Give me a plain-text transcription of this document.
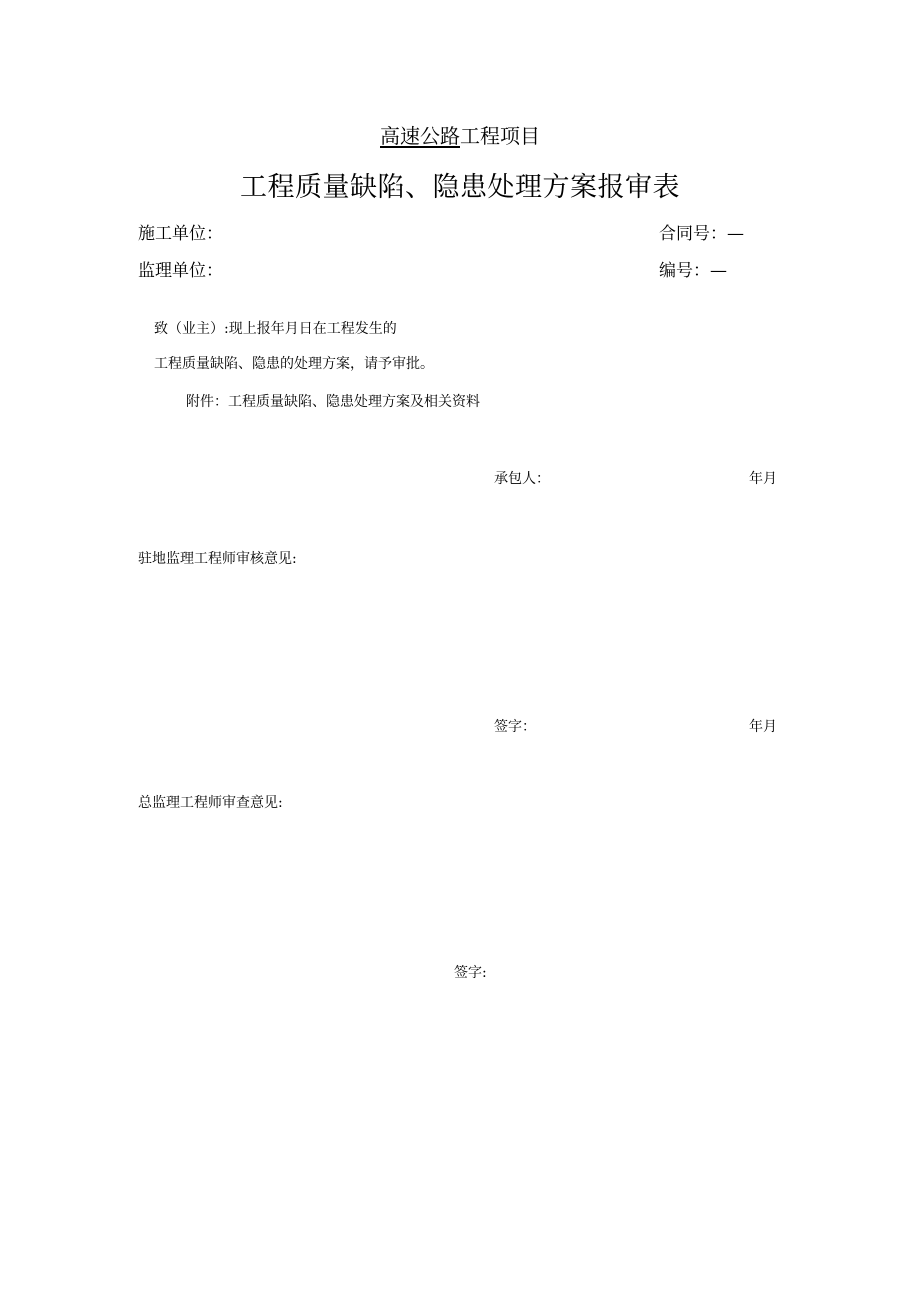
高速公路工程项目
工程质量缺陷、隐患处理方案报审表
施工单位：	合同号：—
监理单位：	编号：—
致（业主）:现上报年月日在工程发生的
工程质量缺陷、隐患的处理方案，请予审批。
附件：工程质量缺陷、隐患处理方案及相关资料
承包人：	年月
驻地监理工程师审核意见:
签字：	年月
总监理工程师审查意见:
签字:
